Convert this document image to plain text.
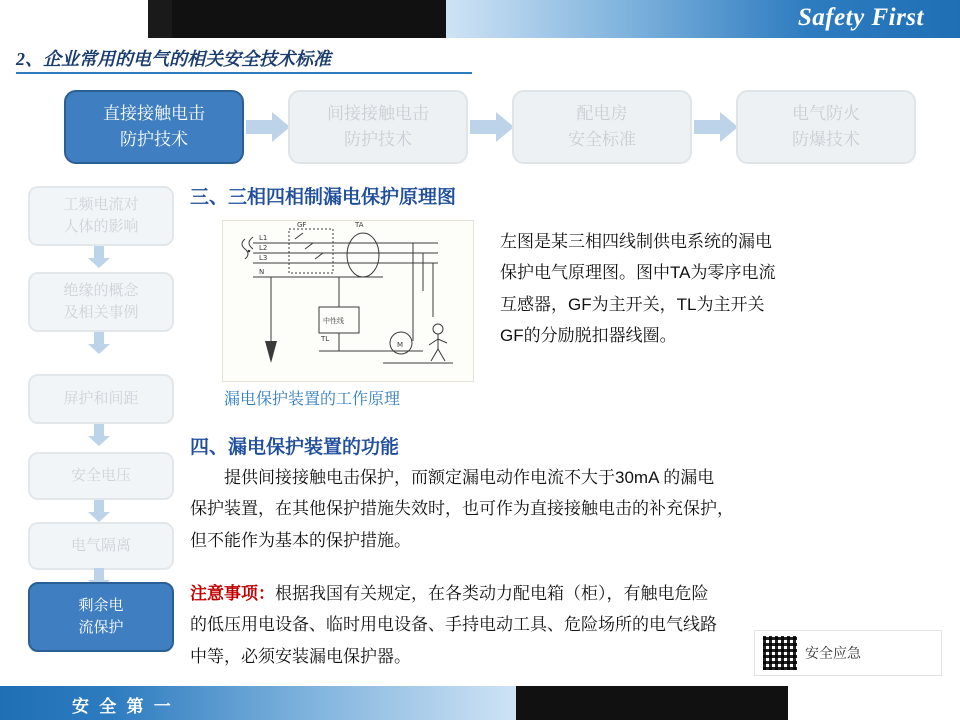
Safety First
2、企业常用的电气的相关安全技术标准
直接接触电击
防护技术
间接接触电击
防护技术
配电房
安全标准
电气防火
防爆技术
工频电流对
人体的影响
绝缘的概念
及相关事例
屏护和间距
安全电压
电气隔离
剩余电
流保护
三、三相四相制漏电保护原理图
L1
L2
L3
N
GF	TA
TL
中性线
M
漏电保护装置的工作原理
左图是某三相四线制供电系统的漏电
保护电气原理图。图中TA为零序电流
互感器，GF为主开关，TL为主开关
GF的分励脱扣器线圈。
四、漏电保护装置的功能
　　提供间接接触电击保护，而额定漏电动作电流不大于30mA 的漏电
保护装置，在其他保护措施失效时，也可作为直接接触电击的补充保护，
但不能作为基本的保护措施。
注意事项：根据我国有关规定，在各类动力配电箱（柜），有触电危险
的低压用电设备、临时用电设备、手持电动工具、危险场所的电气线路
中等，必须安装漏电保护器。	安全应急
安 全 第 一
